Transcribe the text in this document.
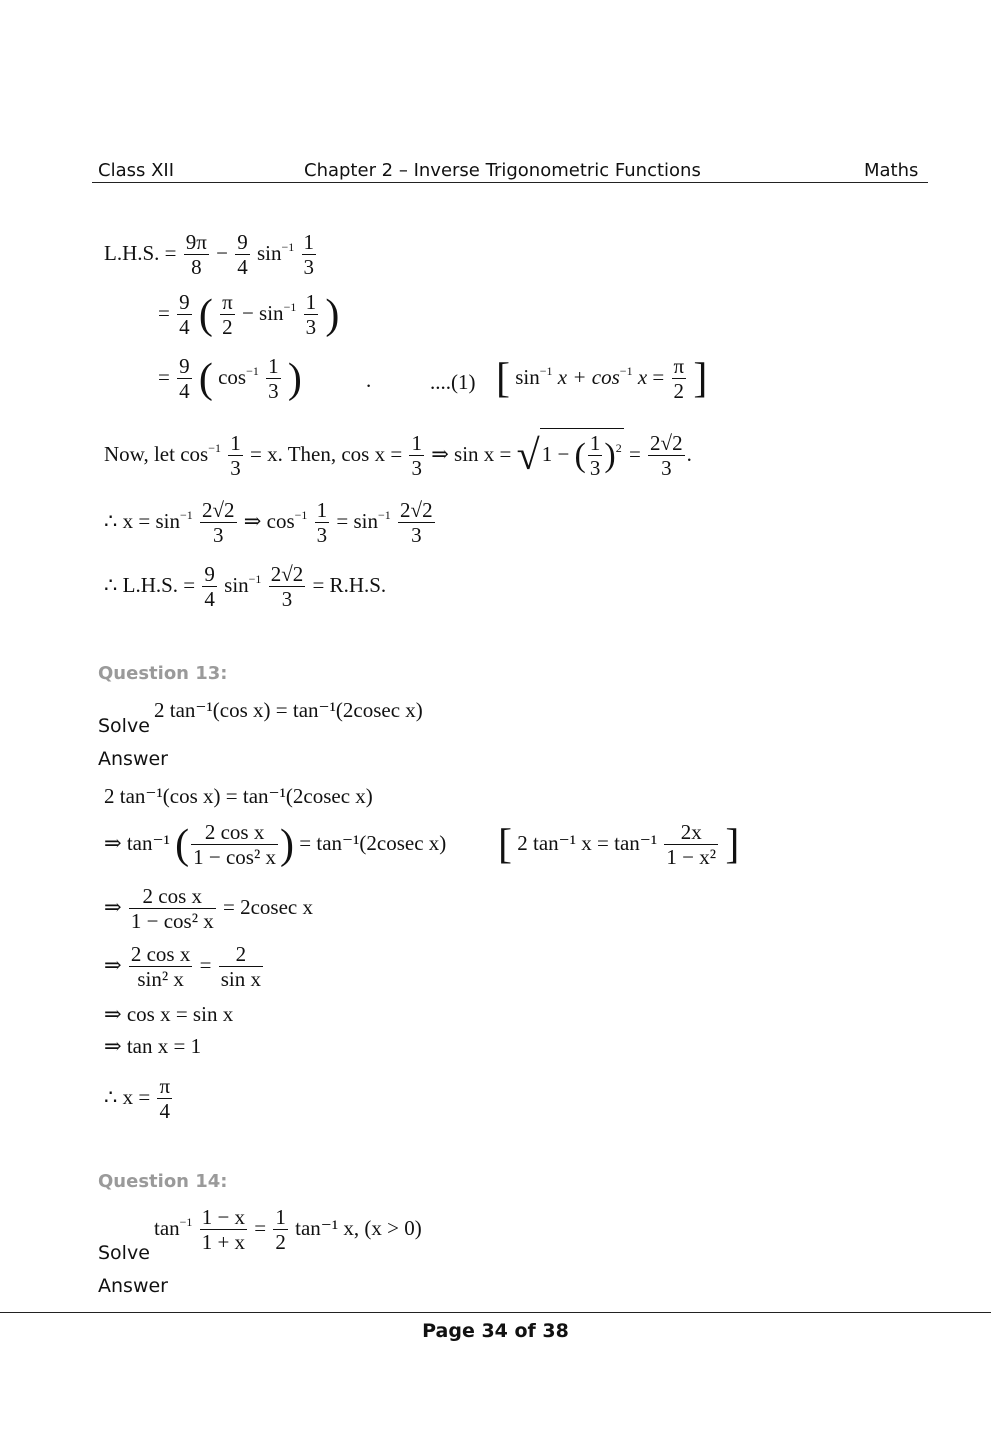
Class XII	Chapter 2 – Inverse Trigonometric Functions	Maths
L.H.S. = $\frac{9\pi}{8} - \frac{9}{4} \sin^{-1} \frac{1}{3}$
= $\frac{9}{4}$ ( $\frac{\pi}{2} - \sin^{-1} \frac{1}{3}$ )
= $\frac{9}{4}$ ( $\cos^{-1} \frac{1}{3}$ )	.	....(1) [ $\sin^{-1} x + \cos^{-1} x = \frac{\pi}{2}$ ]
Now, let $\cos^{-1} \frac{1}{3} = x$. Then, $\cos x = \frac{1}{3}$ ⇒ sin x = √1 − ( $\frac{1}{3} )^2 = \frac{2√2}{3}$ .
∴ $x = \sin^{-1} \frac{2√2}{3}$ ⇒ $\cos^{-1} \frac{1}{3} = \sin^{-1} \frac{2√2}{3}$
∴ L.H.S. = $\frac{9}{4} \sin^{-1} \frac{2√2}{3} = R.H.S$.
Question 13:
Solve
2 tan⁻¹(cos x) = tan⁻¹(2cosec x)
Answer
2 tan⁻¹(cos x) = tan⁻¹(2cosec x)
⇒ tan⁻¹ ( $\frac{\text{2 cos x}}{\text{1 − cos² x}}$ ) = tan⁻¹(2cosec x) [ 2 tan⁻¹ $x = \tan^{-1} \frac{2x}{\text{1 − x²}}$ ]
⇒ $\frac{\text{2 cos x}}{\text{1 − cos² x}} = 2cosec$ x
⇒ $\frac{\text{2 cos x}}{\text{sin² x}} = \frac{2}{\text{sin x}}$
⇒ cos x = sin x
⇒ tan x = 1
∴ $x = \frac{\pi}{4}$
Question 14:
$\tan^{-1} \frac{1 - x}{1 + x} = \frac{1}{2} \tan^{-1}$ x, (x > 0)
Solve
Answer
Page 34 of 38
